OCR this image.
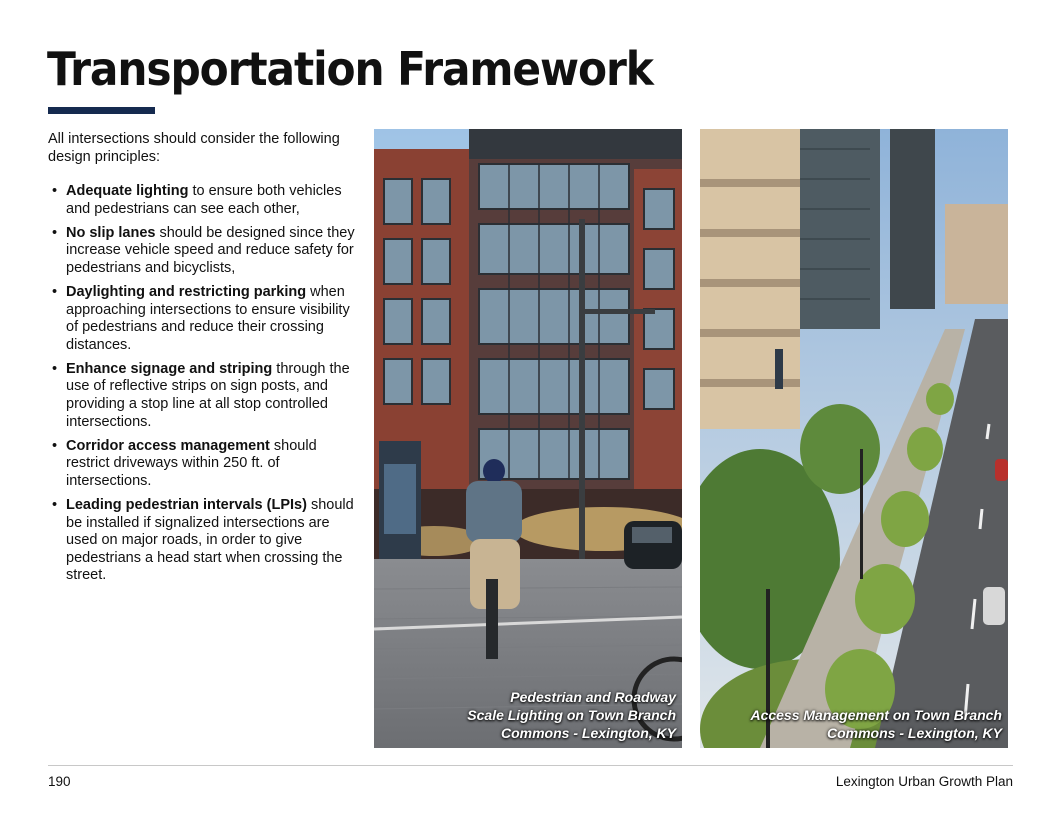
Transportation Framework

All intersections should consider the following design principles:

• Adequate lighting to ensure both vehicles and pedestrians can see each other,
• No slip lanes should be designed since they increase vehicle speed and reduce safety for pedestrians and bicyclists,
• Daylighting and restricting parking when approaching intersections to ensure visibility of pedestrians and reduce their crossing distances.
• Enhance signage and striping through the use of reflective strips on sign posts, and providing a stop line at all stop controlled intersections.
• Corridor access management should restrict driveways within 250 ft. of intersections.
• Leading pedestrian intervals (LPIs) should be installed if signalized intersections are used on major roads, in order to give pedestrians a head start when crossing the street.
Pedestrian and Roadway
Scale Lighting on Town Branch
Commons - Lexington, KY
Access Management on Town Branch
Commons - Lexington, KY
190	Lexington Urban Growth Plan
